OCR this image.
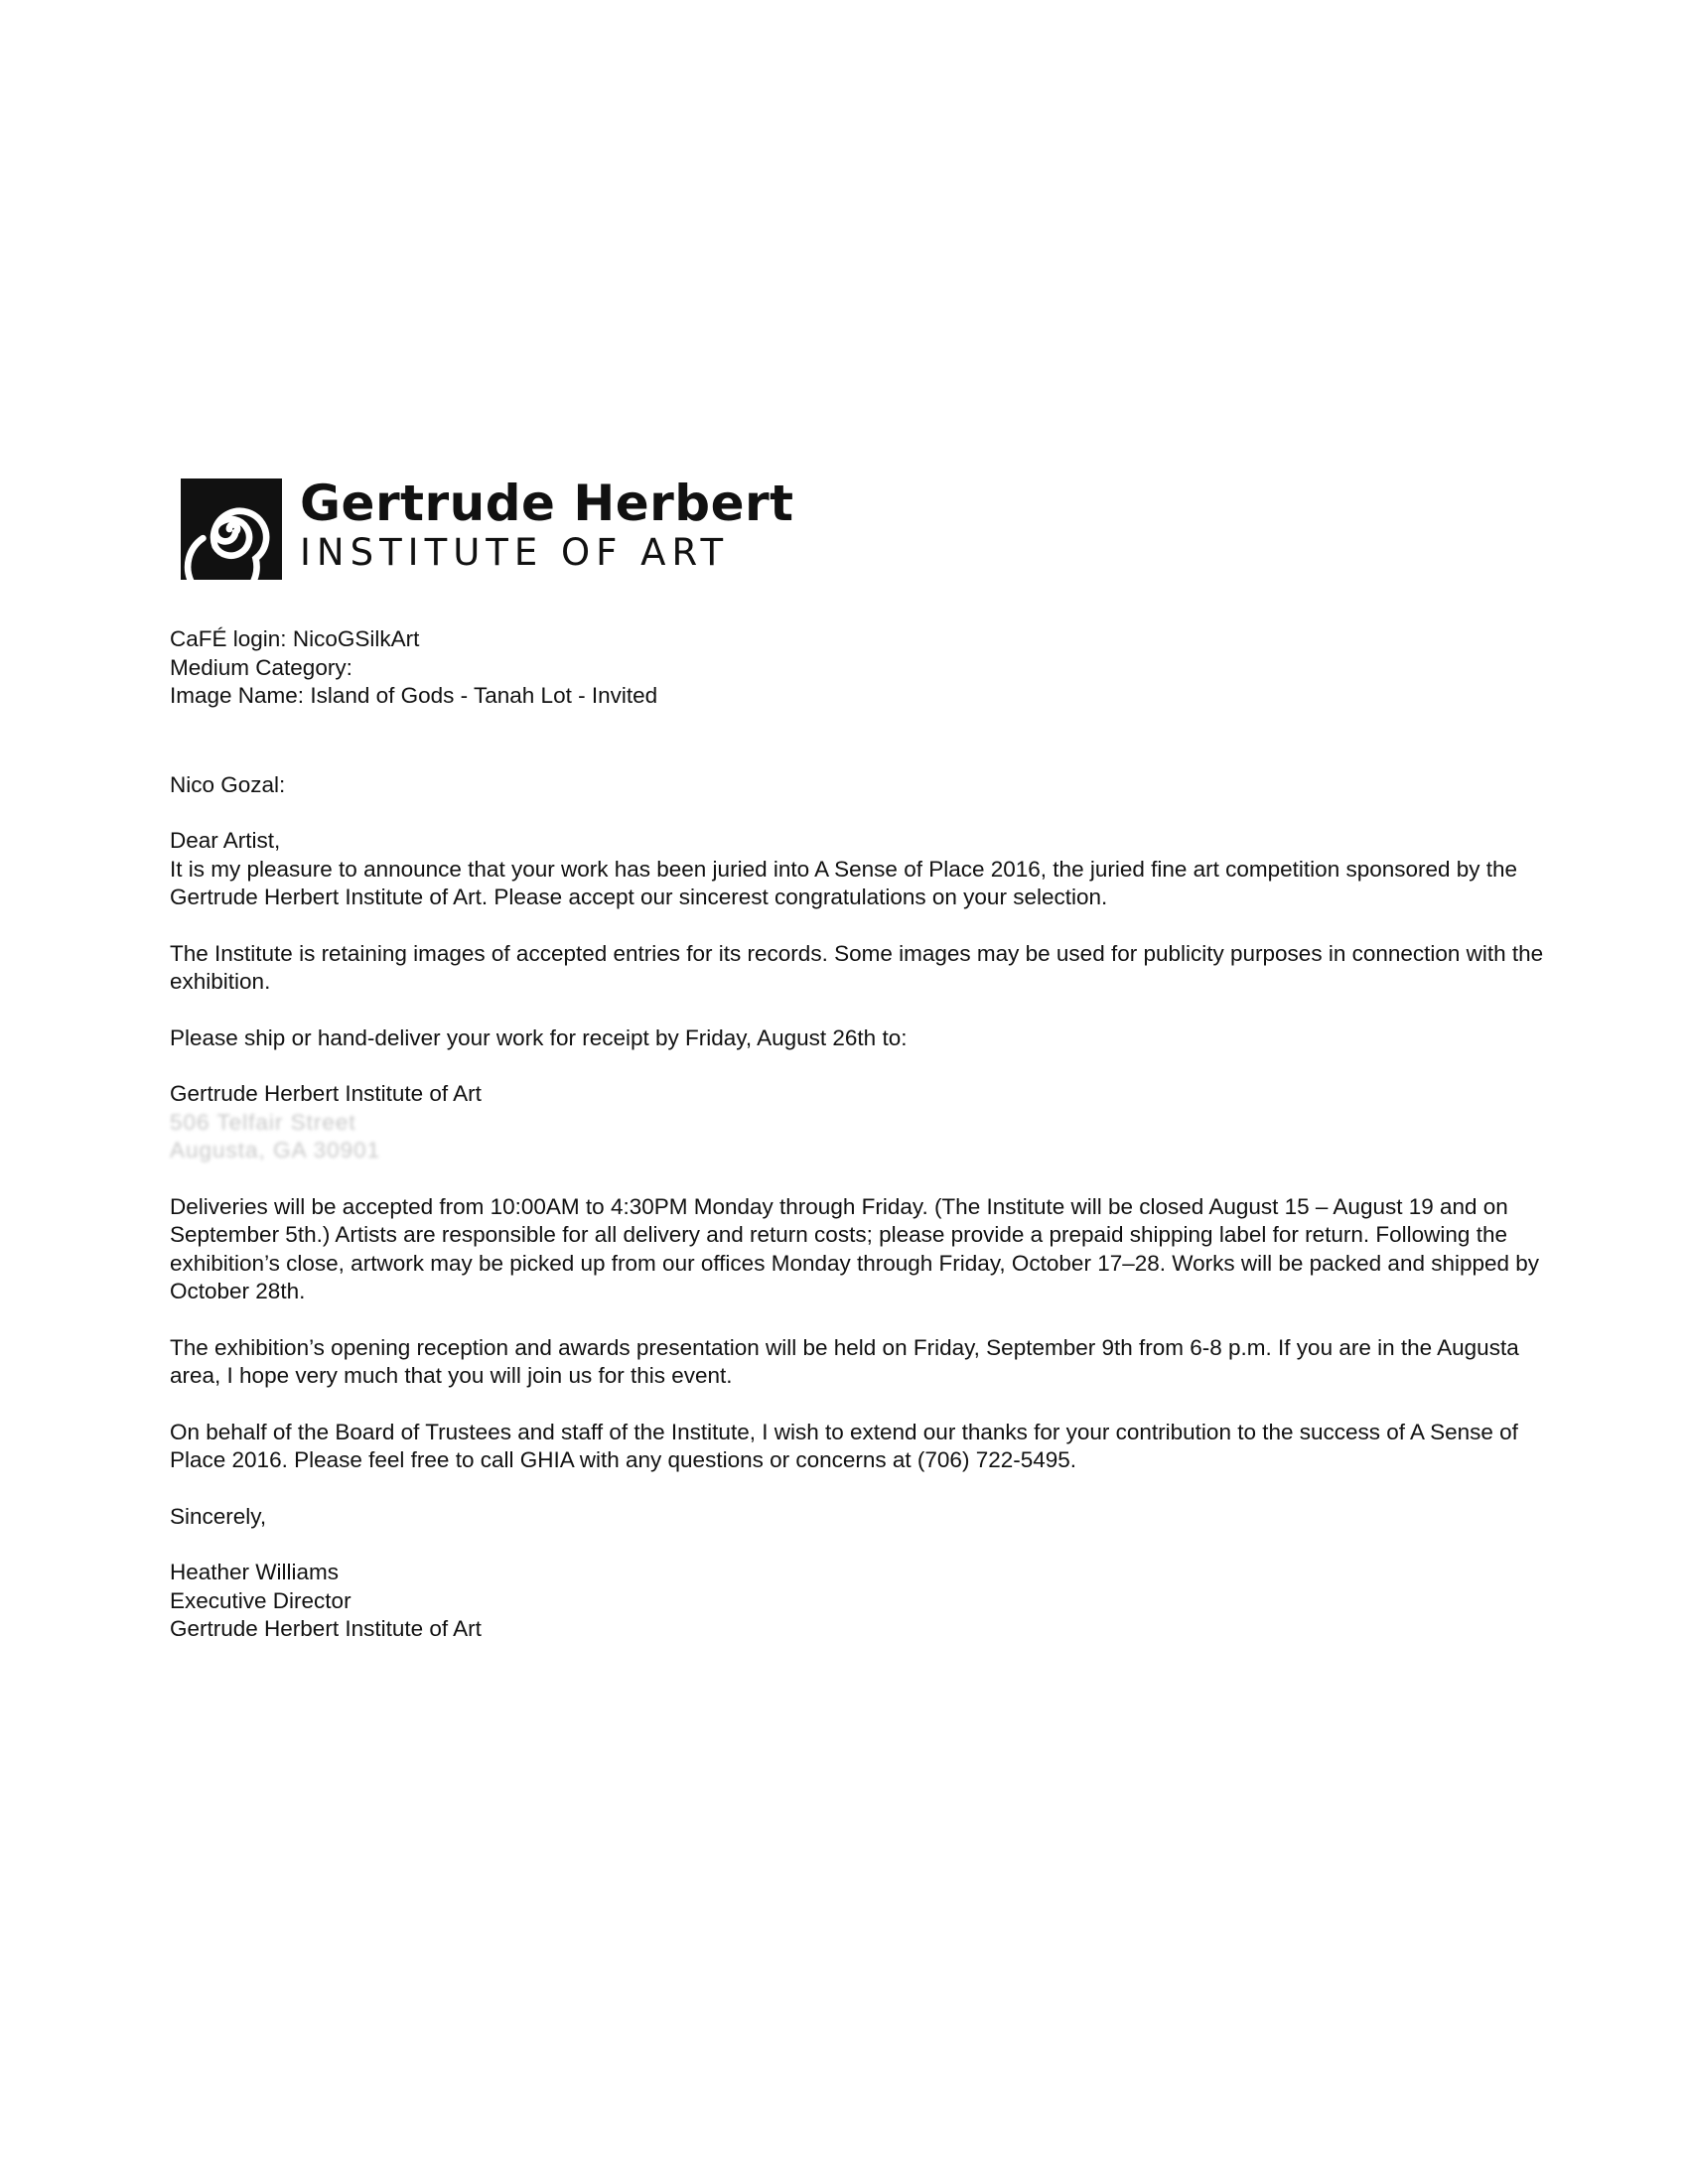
Gertrude Herbert
INSTITUTE OF ART
CaFÉ login: NicoGSilkArt
Medium Category:
Image Name: Island of Gods - Tanah Lot - Invited

Nico Gozal:

Dear Artist,

It is my pleasure to announce that your work has been juried into A Sense of Place 2016, the juried fine art competition sponsored by the Gertrude Herbert Institute of Art. Please accept our sincerest congratulations on your selection.

The Institute is retaining images of accepted entries for its records. Some images may be used for publicity purposes in connection with the exhibition.

Please ship or hand-deliver your work for receipt by Friday, August 26th to:

Gertrude Herbert Institute of Art

506 Telfair Street

Augusta, GA 30901

Deliveries will be accepted from 10:00AM to 4:30PM Monday through Friday. (The Institute will be closed August 15 – August 19 and on September 5th.) Artists are responsible for all delivery and return costs; please provide a prepaid shipping label for return. Following the exhibition’s close, artwork may be picked up from our offices Monday through Friday, October 17–28. Works will be packed and shipped by October 28th.

The exhibition’s opening reception and awards presentation will be held on Friday, September 9th from 6-8 p.m. If you are in the Augusta area, I hope very much that you will join us for this event.

On behalf of the Board of Trustees and staff of the Institute, I wish to extend our thanks for your contribution to the success of A Sense of Place 2016. Please feel free to call GHIA with any questions or concerns at (706) 722-5495.

Sincerely,

Heather Williams

Executive Director

Gertrude Herbert Institute of Art
